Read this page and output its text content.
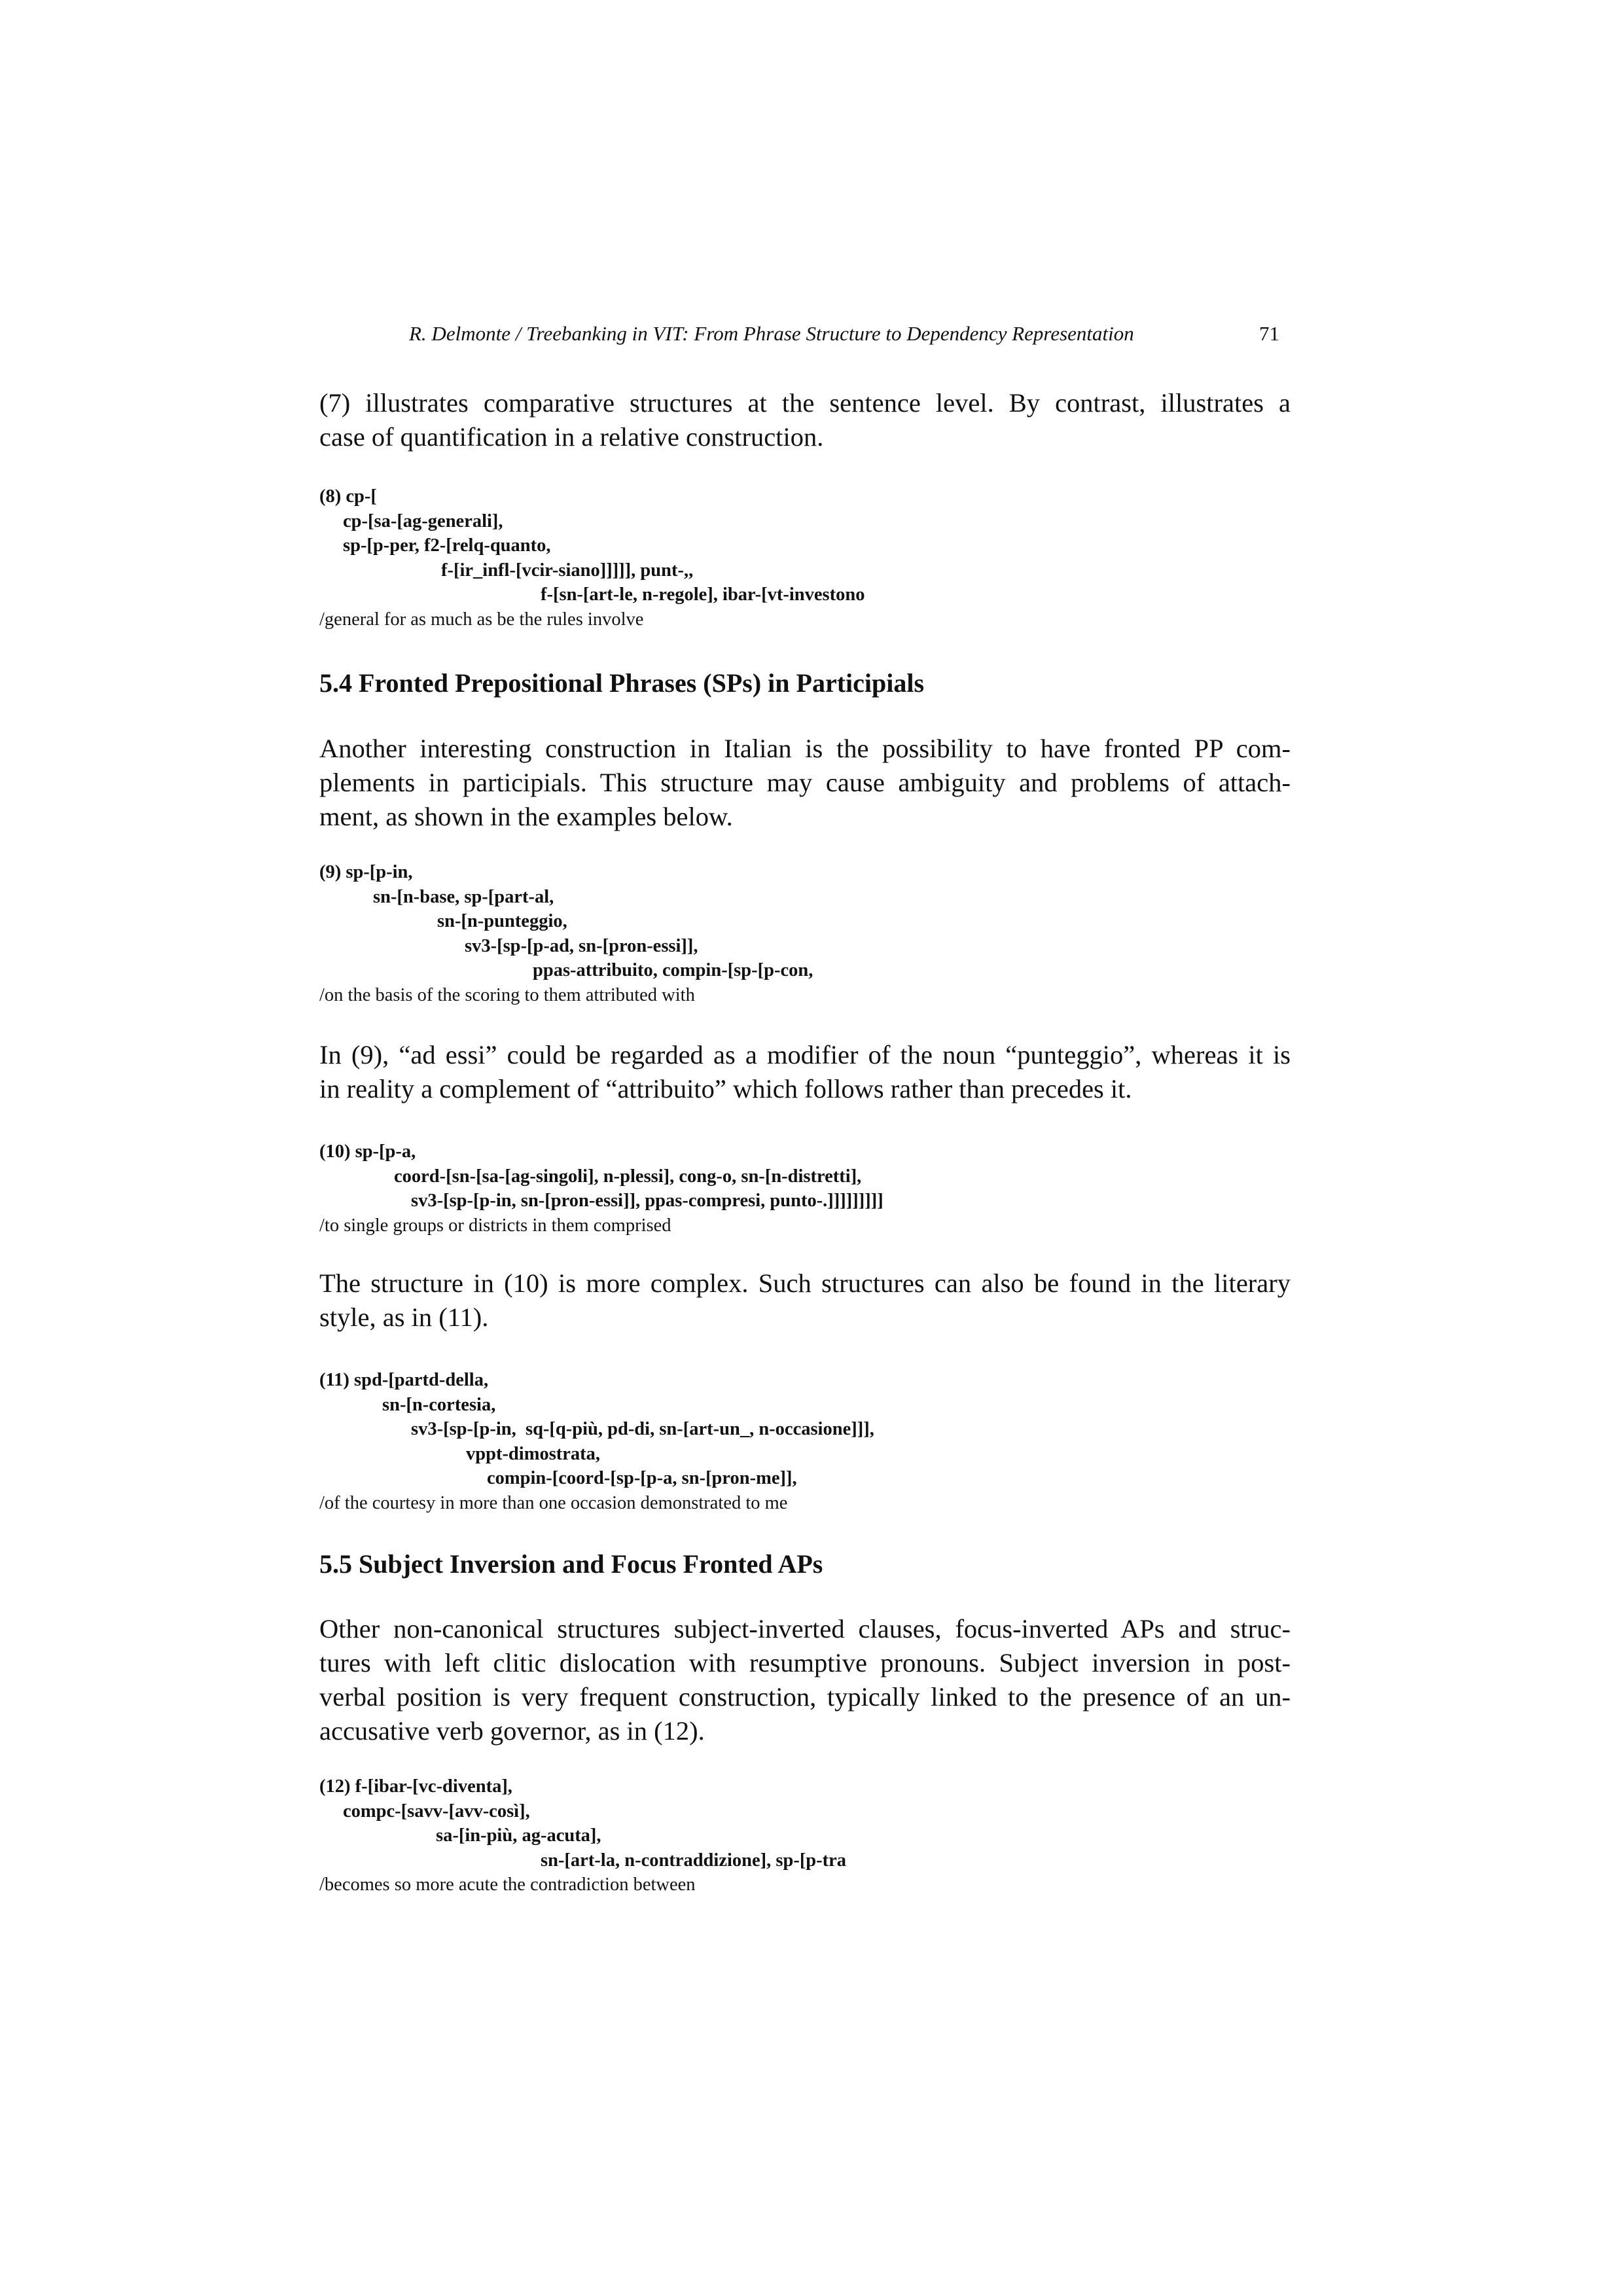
R. Delmonte / Treebanking in VIT: From Phrase Structure to Dependency Representation	71
(7) illustrates comparative structures at the sentence level. By contrast, illustrates a
case of quantification in a relative construction.
(8) cp-[
cp-[sa-[ag-generali],
sp-[p-per, f2-[relq-quanto,
f-[ir_infl-[vcir-siano]]]]], punt-,,
f-[sn-[art-le, n-regole], ibar-[vt-investono
/general for as much as be the rules involve
5.4 Fronted Prepositional Phrases (SPs) in Participials
Another interesting construction in Italian is the possibility to have fronted PP com-
plements in participials. This structure may cause ambiguity and problems of attach-
ment, as shown in the examples below.
(9) sp-[p-in,
sn-[n-base, sp-[part-al,
sn-[n-punteggio,
sv3-[sp-[p-ad, sn-[pron-essi]],
ppas-attribuito, compin-[sp-[p-con,
/on the basis of the scoring to them attributed with
In (9), “ad essi” could be regarded as a modifier of the noun “punteggio”, whereas it is
in reality a complement of “attribuito” which follows rather than precedes it.
(10) sp-[p-a,
coord-[sn-[sa-[ag-singoli], n-plessi], cong-o, sn-[n-distretti],
sv3-[sp-[p-in, sn-[pron-essi]], ppas-compresi, punto-.]]]]]]]]]
/to single groups or districts in them comprised
The structure in (10) is more complex. Such structures can also be found in the literary
style, as in (11).
(11) spd-[partd-della,
sn-[n-cortesia,
sv3-[sp-[p-in,  sq-[q-più, pd-di, sn-[art-un_, n-occasione]]],
vppt-dimostrata,
compin-[coord-[sp-[p-a, sn-[pron-me]],
/of the courtesy in more than one occasion demonstrated to me
5.5 Subject Inversion and Focus Fronted APs
Other non-canonical structures subject-inverted clauses, focus-inverted APs and struc-
tures with left clitic dislocation with resumptive pronouns. Subject inversion in post-
verbal position is very frequent construction, typically linked to the presence of an un-
accusative verb governor, as in (12).
(12) f-[ibar-[vc-diventa],
compc-[savv-[avv-così],
sa-[in-più, ag-acuta],
sn-[art-la, n-contraddizione], sp-[p-tra
/becomes so more acute the contradiction between
